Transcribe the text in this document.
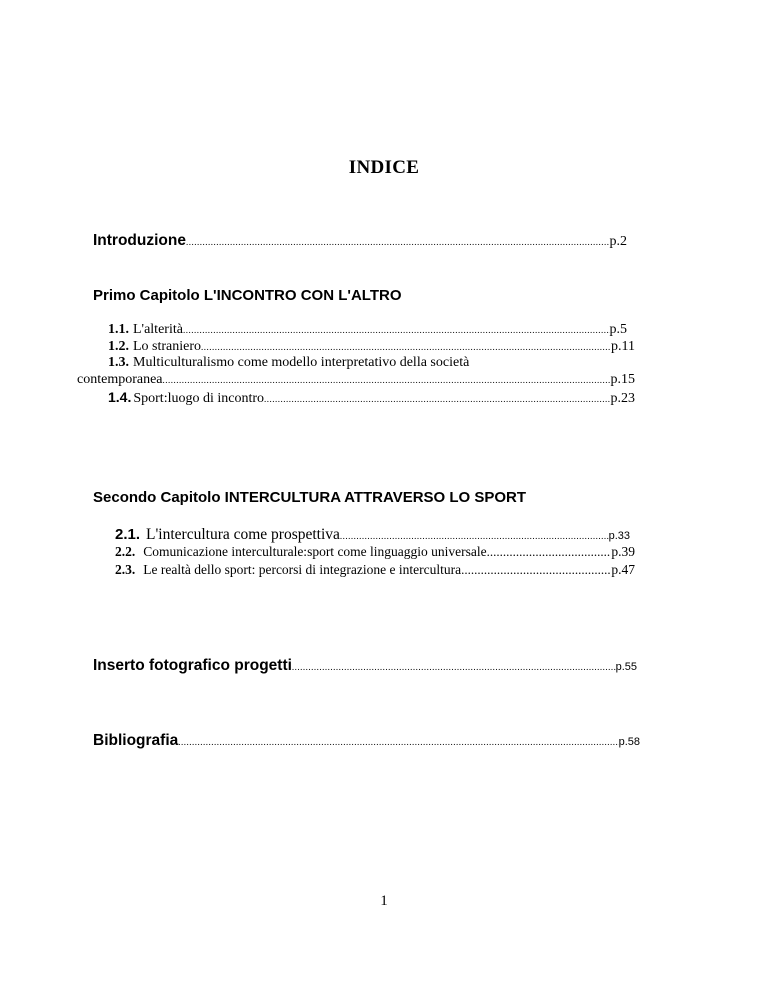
INDICE
Introduzione .....	p.2
Primo Capitolo L'INCONTRO CON L'ALTRO
1.1. L'alterità .....	p.5
1.2. Lo straniero .....	p.11
1.3. Multiculturalismo come modello interpretativo della società
contemporanea .....	p.15
1.4. Sport:luogo di incontro .....	p.23
Secondo Capitolo INTERCULTURA ATTRAVERSO LO SPORT
2.1. L'intercultura come prospettiva .....	p.33
2.2. Comunicazione interculturale:sport come linguaggio universale .....	p.39
2.3. Le realtà dello sport: percorsi di integrazione e intercultura .....	p.47
Inserto fotografico progetti .....	p.55
Bibliografia .....	p.58
1
